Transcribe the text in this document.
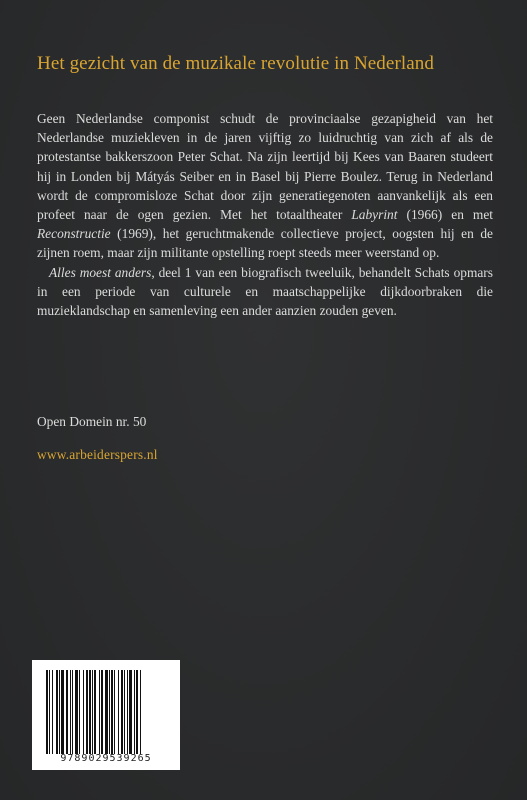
Het gezicht van de muzikale revolutie in Nederland

Geen Nederlandse componist schudt de provinciaalse gezapigheid van het Nederlandse muziekleven in de jaren vijftig zo luidruchtig van zich af als de protestantse bakkerszoon Peter Schat. Na zijn leertijd bij Kees van Baaren studeert hij in Londen bij Mátyás Seiber en in Basel bij Pierre Boulez. Terug in Nederland wordt de compromisloze Schat door zijn generatiegenoten aanvankelijk als een profeet naar de ogen gezien. Met het totaaltheater Labyrint (1966) en met Reconstructie (1969), het geruchtmakende collectieve project, oogsten hij en de zijnen roem, maar zijn militante opstelling roept steeds meer weerstand op.

Alles moest anders, deel 1 van een biografisch tweeluik, behandelt Schats opmars in een periode van culturele en maatschappelijke dijkdoorbraken die muzieklandschap en samenleving een ander aanzien zouden geven.

Open Domein nr. 50
www.arbeiderspers.nl
9789029539265
